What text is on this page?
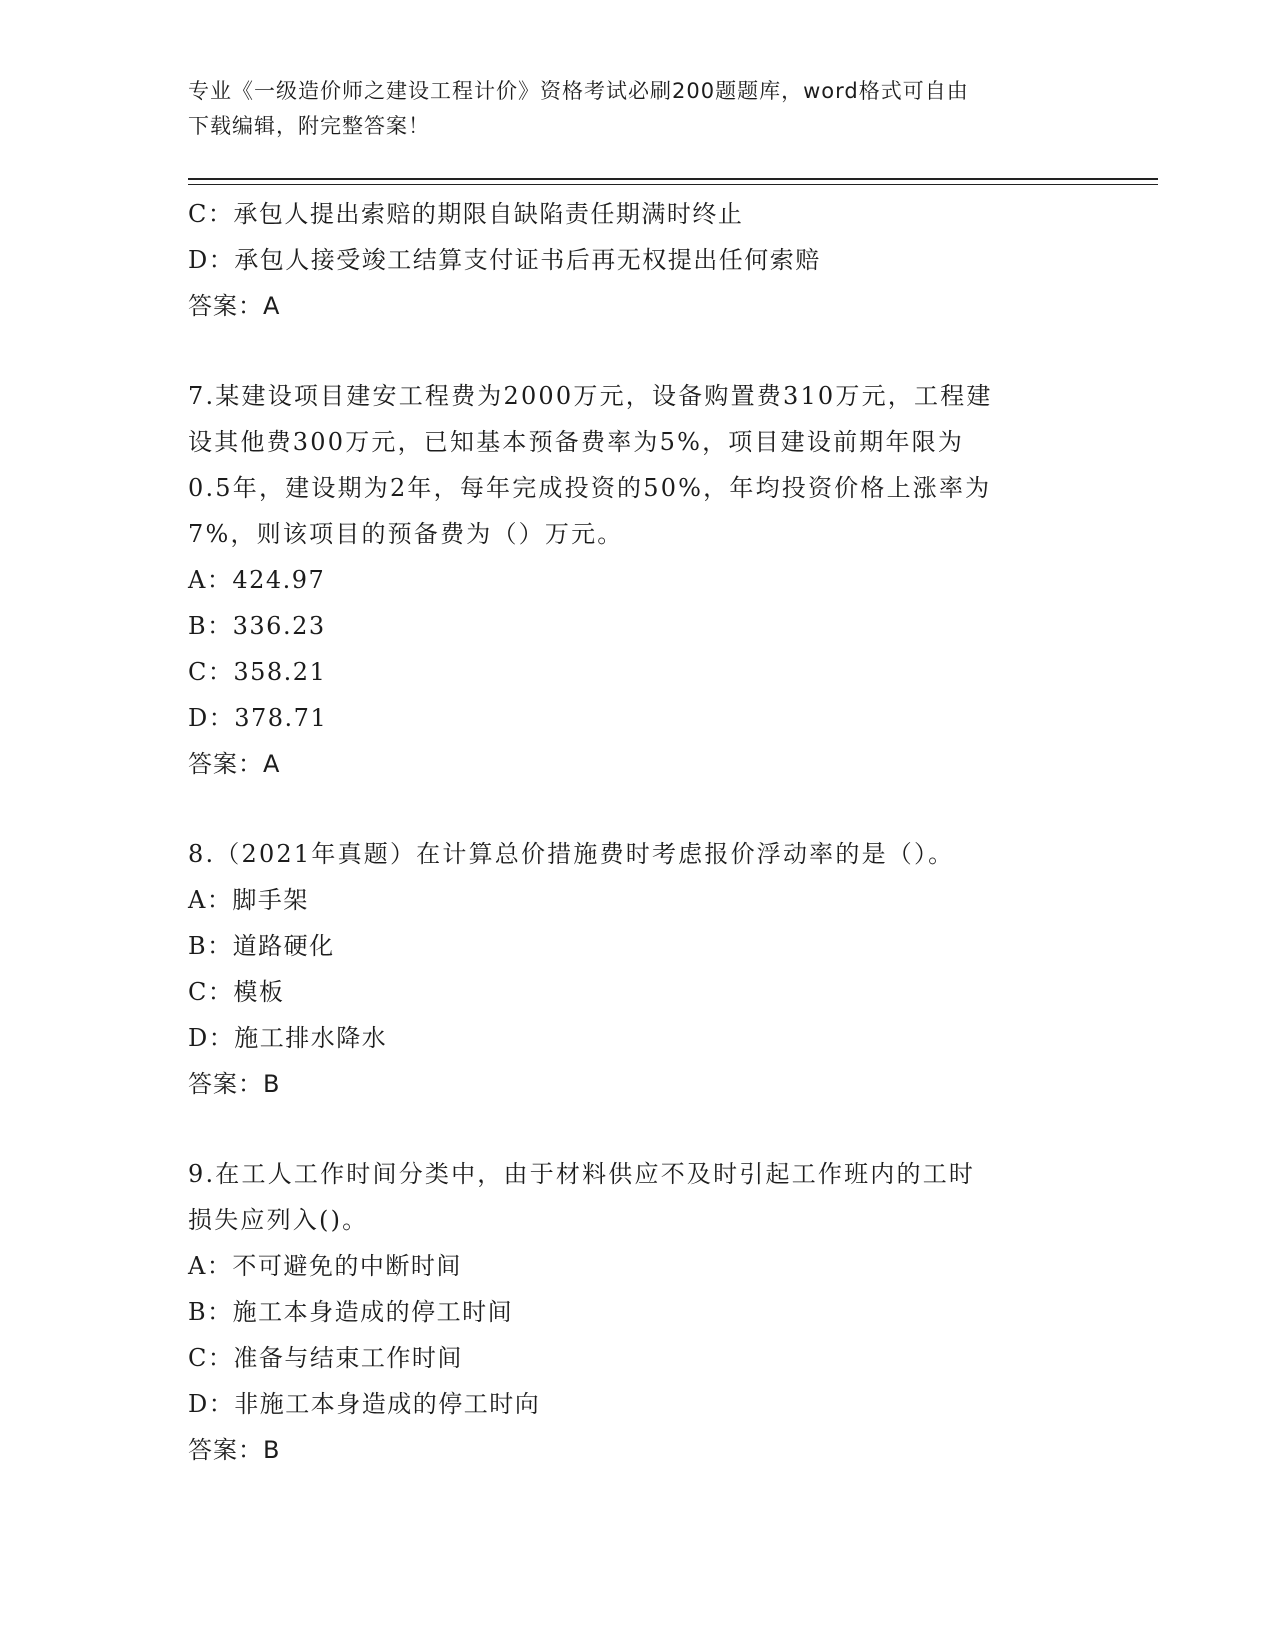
专业《一级造价师之建设工程计价》资格考试必刷200题题库，word格式可自由
下载编辑，附完整答案！
C：承包人提出索赔的期限自缺陷责任期满时终止
D：承包人接受竣工结算支付证书后再无权提出任何索赔
答案：A
7.某建设项目建安工程费为2000万元，设备购置费310万元，工程建
设其他费300万元，已知基本预备费率为5%，项目建设前期年限为
0.5年，建设期为2年，每年完成投资的50%，年均投资价格上涨率为
7%，则该项目的预备费为（）万元。
A：424.97
B：336.23
C：358.21
D：378.71
答案：A
8.（2021年真题）在计算总价措施费时考虑报价浮动率的是（）。
A：脚手架
B：道路硬化
C：模板
D：施工排水降水
答案：B
9.在工人工作时间分类中，由于材料供应不及时引起工作班内的工时
损失应列入()。
A：不可避免的中断时间
B：施工本身造成的停工时间
C：准备与结束工作时间
D：非施工本身造成的停工时向
答案：B
